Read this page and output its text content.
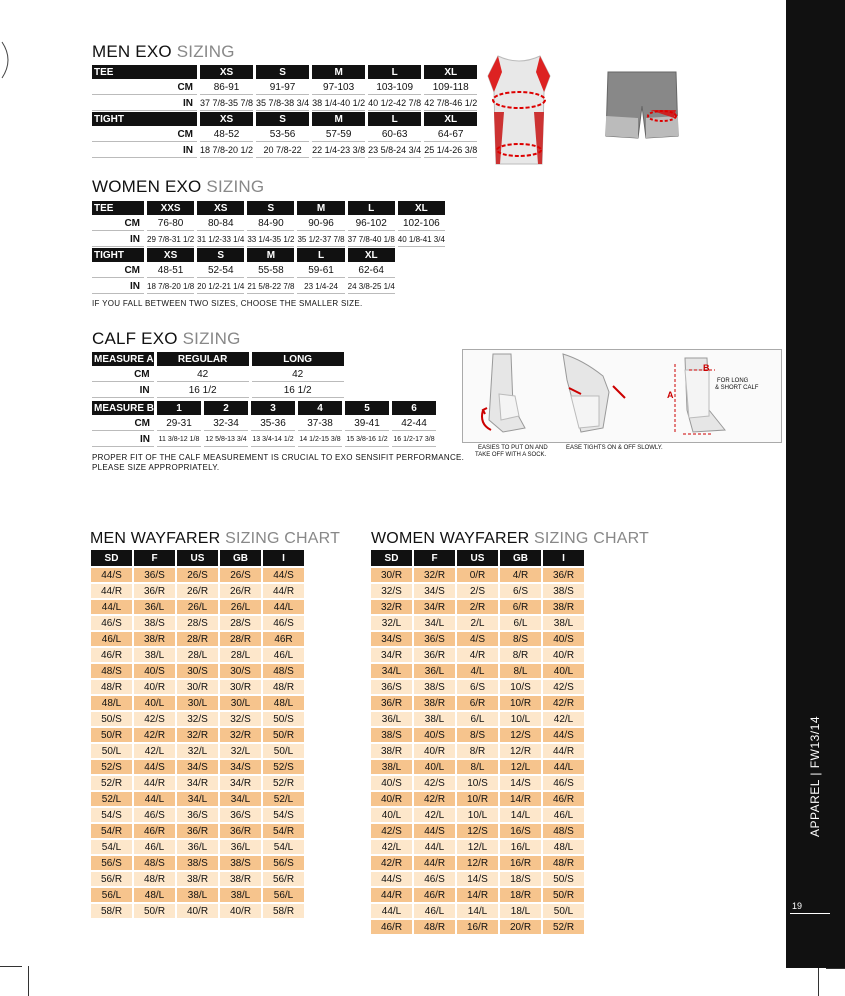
APPAREL | FW13/14
19
MEN EXO SIZING
TEE	XS	S	M	L	XL
CM	86-91	91-97	97-103	103-109	109-118
IN	37 7/8-35 7/8	35 7/8-38 3/4	38 1/4-40 1/2	40 1/2-42 7/8	42 7/8-46 1/2
TIGHT	XS	S	M	L	XL
CM	48-52	53-56	57-59	60-63	64-67
IN	18 7/8-20 1/2	20 7/8-22	22 1/4-23 3/8	23 5/8-24 3/4	25 1/4-26 3/8
WOMEN EXO SIZING
TEE	XXS	XS	S	M	L	XL
CM	76-80	80-84	84-90	90-96	96-102	102-106
IN	29 7/8-31 1/2	31 1/2-33 1/4	33 1/4-35 1/2	35 1/2-37 7/8	37 7/8-40 1/8	40 1/8-41 3/4
TIGHT	XS	S	M	L	XL	
CM	48-51	52-54	55-58	59-61	62-64	
IN	18 7/8-20 1/8	20 1/2-21 1/4	21 5/8-22 7/8	23 1/4-24	24 3/8-25 1/4	
IF YOU FALL BETWEEN TWO SIZES, CHOOSE THE SMALLER SIZE.
CALF EXO SIZING
MEASURE A	REGULAR	LONG
CM	42	42
IN	16 1/2	16 1/2
MEASURE B	1	2	3	4	5	6
CM	29-31	32-34	35-36	37-38	39-41	42-44
IN	11 3/8-12 1/8	12 5/8-13 3/4	13 3/4-14 1/2	14 1/2-15 3/8	15 3/8-16 1/2	16 1/2-17 3/8
PROPER FIT OF THE CALF MEASUREMENT IS CRUCIAL TO EXO SENSIFIT PERFORMANCE.
PLEASE SIZE APPROPRIATELY.
A
B
FOR LONG
& SHORT CALF
EASIES TO PUT ON AND
TAKE OFF WITH A SOCK.
EASE TIGHTS ON & OFF SLOWLY.
MEN WAYFARER SIZING CHART
SD	F	US	GB	I
44/S	36/S	26/S	26/S	44/S
44/R	36/R	26/R	26/R	44/R
44/L	36/L	26/L	26/L	44/L
46/S	38/S	28/S	28/S	46/S
46/L	38/R	28/R	28/R	46R
46/R	38/L	28/L	28/L	46/L
48/S	40/S	30/S	30/S	48/S
48/R	40/R	30/R	30/R	48/R
48/L	40/L	30/L	30/L	48/L
50/S	42/S	32/S	32/S	50/S
50/R	42/R	32/R	32/R	50/R
50/L	42/L	32/L	32/L	50/L
52/S	44/S	34/S	34/S	52/S
52/R	44/R	34/R	34/R	52/R
52/L	44/L	34/L	34/L	52/L
54/S	46/S	36/S	36/S	54/S
54/R	46/R	36/R	36/R	54/R
54/L	46/L	36/L	36/L	54/L
56/S	48/S	38/S	38/S	56/S
56/R	48/R	38/R	38/R	56/R
56/L	48/L	38/L	38/L	56/L
58/R	50/R	40/R	40/R	58/R
WOMEN WAYFARER SIZING CHART
SD	F	US	GB	I
30/R	32/R	0/R	4/R	36/R
32/S	34/S	2/S	6/S	38/S
32/R	34/R	2/R	6/R	38/R
32/L	34/L	2/L	6/L	38/L
34/S	36/S	4/S	8/S	40/S
34/R	36/R	4/R	8/R	40/R
34/L	36/L	4/L	8/L	40/L
36/S	38/S	6/S	10/S	42/S
36/R	38/R	6/R	10/R	42/R
36/L	38/L	6/L	10/L	42/L
38/S	40/S	8/S	12/S	44/S
38/R	40/R	8/R	12/R	44/R
38/L	40/L	8/L	12/L	44/L
40/S	42/S	10/S	14/S	46/S
40/R	42/R	10/R	14/R	46/R
40/L	42/L	10/L	14/L	46/L
42/S	44/S	12/S	16/S	48/S
42/L	44/L	12/L	16/L	48/L
42/R	44/R	12/R	16/R	48/R
44/S	46/S	14/S	18/S	50/S
44/R	46/R	14/R	18/R	50/R
44/L	46/L	14/L	18/L	50/L
46/R	48/R	16/R	20/R	52/R
